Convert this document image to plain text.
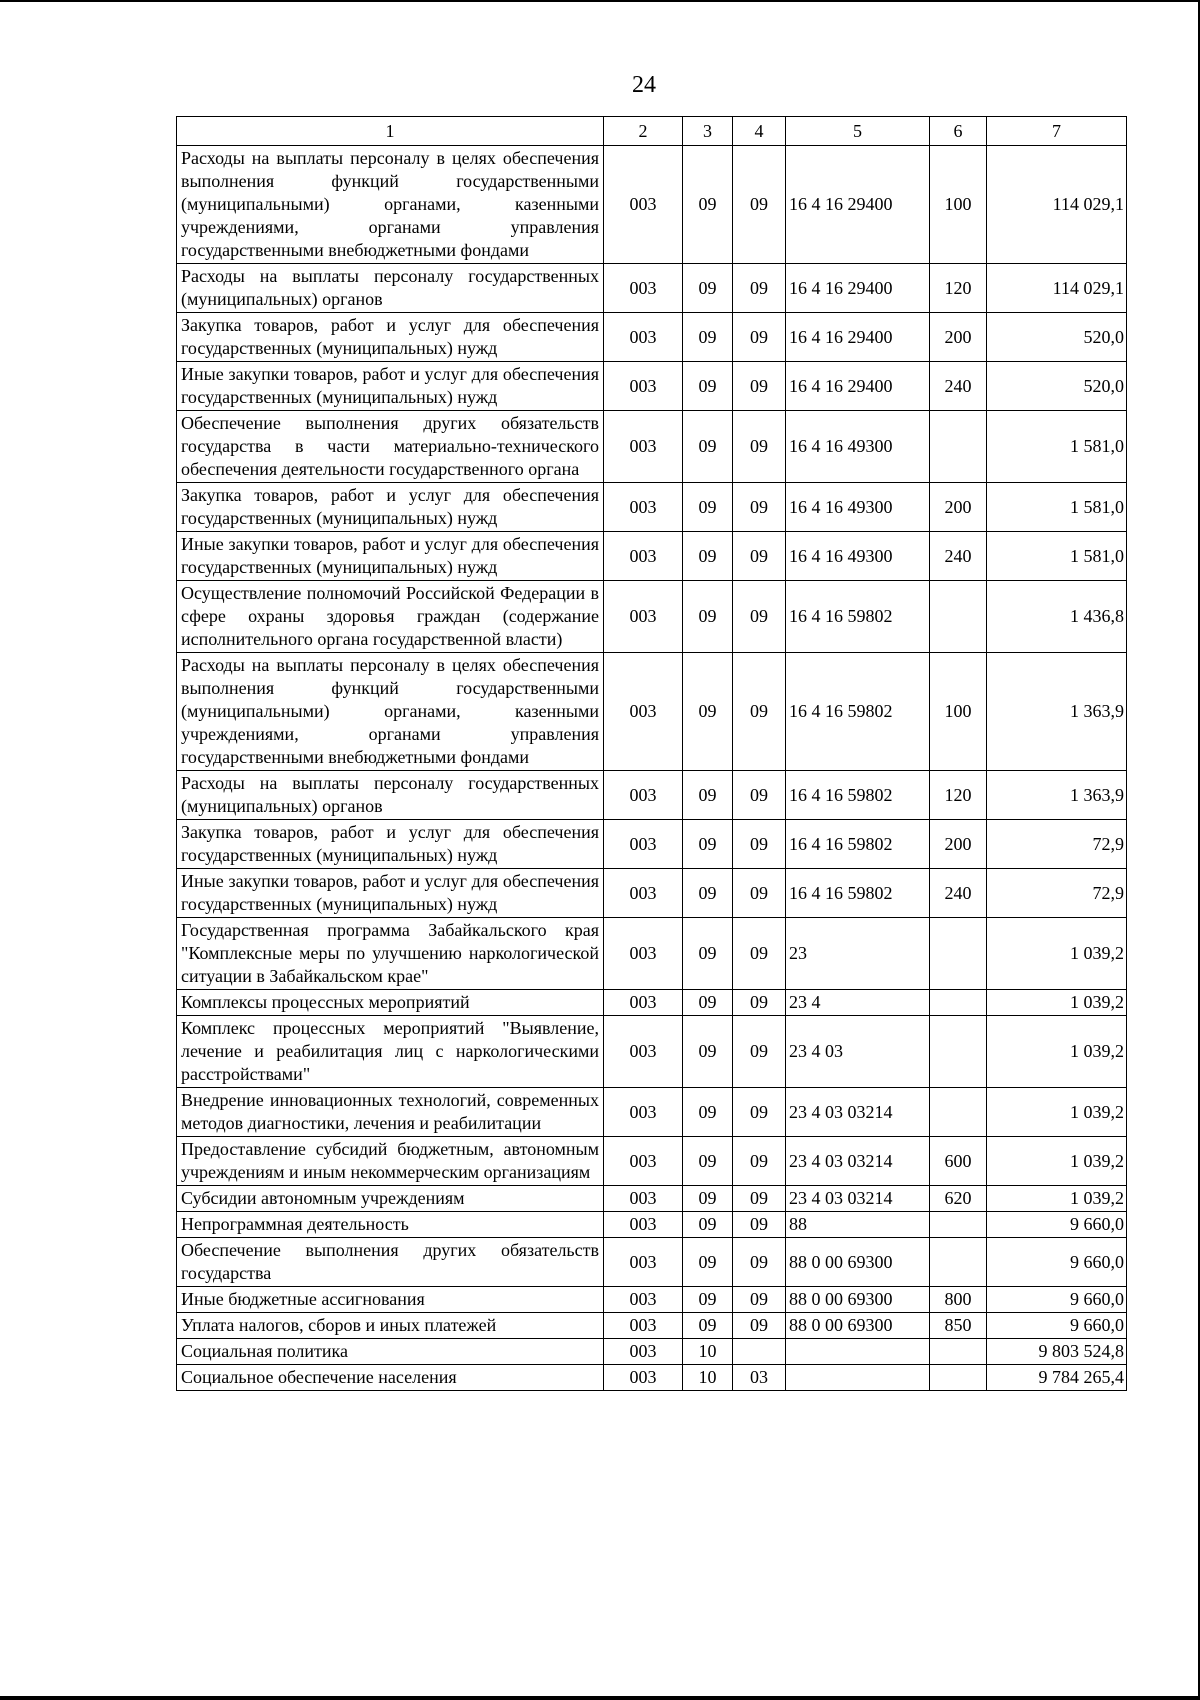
24
1	2	3	4	5	6	7
Расходы на выплаты персоналу в целях обеспечения выполнения функций государственными (муниципальными) органами, казенными учреждениями, органами управления государственными внебюджетными фондами	003	09	09	16 4 16 29400	100	114 029,1
Расходы на выплаты персоналу государственных (муниципальных) органов	003	09	09	16 4 16 29400	120	114 029,1
Закупка товаров, работ и услуг для обеспечения государственных (муниципальных) нужд	003	09	09	16 4 16 29400	200	520,0
Иные закупки товаров, работ и услуг для обеспечения государственных (муниципальных) нужд	003	09	09	16 4 16 29400	240	520,0
Обеспечение выполнения других обязательств государства в части материально-технического обеспечения деятельности государственного органа	003	09	09	16 4 16 49300		1 581,0
Закупка товаров, работ и услуг для обеспечения государственных (муниципальных) нужд	003	09	09	16 4 16 49300	200	1 581,0
Иные закупки товаров, работ и услуг для обеспечения государственных (муниципальных) нужд	003	09	09	16 4 16 49300	240	1 581,0
Осуществление полномочий Российской Федерации в сфере охраны здоровья граждан (содержание исполнительного органа государственной власти)	003	09	09	16 4 16 59802		1 436,8
Расходы на выплаты персоналу в целях обеспечения выполнения функций государственными (муниципальными) органами, казенными учреждениями, органами управления государственными внебюджетными фондами	003	09	09	16 4 16 59802	100	1 363,9
Расходы на выплаты персоналу государственных (муниципальных) органов	003	09	09	16 4 16 59802	120	1 363,9
Закупка товаров, работ и услуг для обеспечения государственных (муниципальных) нужд	003	09	09	16 4 16 59802	200	72,9
Иные закупки товаров, работ и услуг для обеспечения государственных (муниципальных) нужд	003	09	09	16 4 16 59802	240	72,9
Государственная программа Забайкальского края "Комплексные меры по улучшению наркологической ситуации в Забайкальском крае"	003	09	09	23		1 039,2
Комплексы процессных мероприятий	003	09	09	23 4		1 039,2
Комплекс процессных мероприятий "Выявление, лечение и реабилитация лиц с наркологическими расстройствами"	003	09	09	23 4 03		1 039,2
Внедрение инновационных технологий, современных методов диагностики, лечения и реабилитации	003	09	09	23 4 03 03214		1 039,2
Предоставление субсидий бюджетным, автономным учреждениям и иным некоммерческим организациям	003	09	09	23 4 03 03214	600	1 039,2
Субсидии автономным учреждениям	003	09	09	23 4 03 03214	620	1 039,2
Непрограммная деятельность	003	09	09	88		9 660,0
Обеспечение выполнения других обязательств государства	003	09	09	88 0 00 69300		9 660,0
Иные бюджетные ассигнования	003	09	09	88 0 00 69300	800	9 660,0
Уплата налогов, сборов и иных платежей	003	09	09	88 0 00 69300	850	9 660,0
Социальная политика	003	10				9 803 524,8
Социальное обеспечение населения	003	10	03			9 784 265,4
